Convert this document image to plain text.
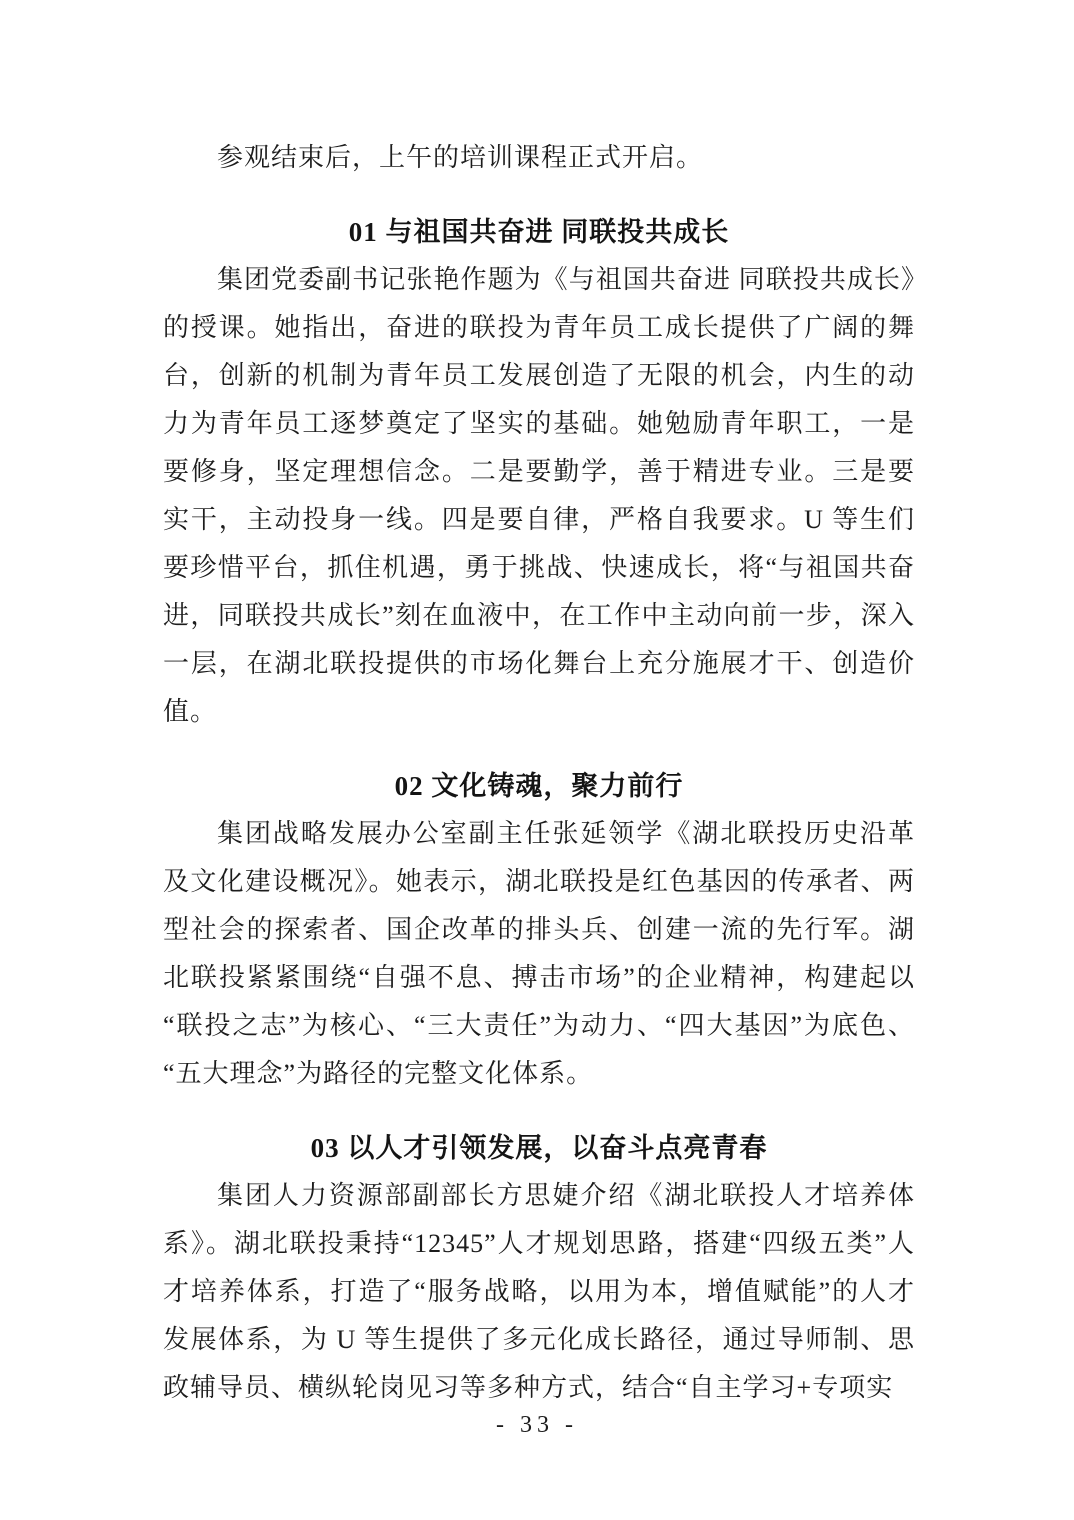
参观结束后，上午的培训课程正式开启。

01 与祖国共奋进 同联投共成长

集团党委副书记张艳作题为《与祖国共奋进 同联投共成长》的授课。她指出，奋进的联投为青年员工成长提供了广阔的舞台，创新的机制为青年员工发展创造了无限的机会，内生的动力为青年员工逐梦奠定了坚实的基础。她勉励青年职工，一是要修身，坚定理想信念。二是要勤学，善于精进专业。三是要实干，主动投身一线。四是要自律，严格自我要求。U 等生们要珍惜平台，抓住机遇，勇于挑战、快速成长，将“与祖国共奋进，同联投共成长”刻在血液中，在工作中主动向前一步，深入一层，在湖北联投提供的市场化舞台上充分施展才干、创造价值。

02 文化铸魂，聚力前行

集团战略发展办公室副主任张延领学《湖北联投历史沿革及文化建设概况》。她表示，湖北联投是红色基因的传承者、两型社会的探索者、国企改革的排头兵、创建一流的先行军。湖北联投紧紧围绕“自强不息、搏击市场”的企业精神，构建起以“联投之志”为核心、“三大责任”为动力、“四大基因”为底色、“五大理念”为路径的完整文化体系。

03 以人才引领发展，以奋斗点亮青春

集团人力资源部副部长方思婕介绍《湖北联投人才培养体系》。湖北联投秉持“12345”人才规划思路，搭建“四级五类”人才培养体系，打造了“服务战略，以用为本，增值赋能”的人才发展体系，为 U 等生提供了多元化成长路径，通过导师制、思政辅导员、横纵轮岗见习等多种方式，结合“自主学习+专项实

- 33 -
